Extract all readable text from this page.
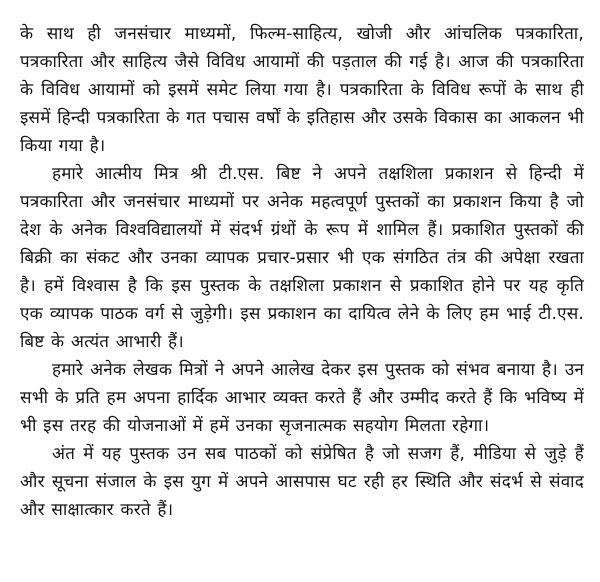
के साथ ही जनसंचार माध्यमों, फिल्म-साहित्य, खोजी और आंचलिक पत्रकारिता, पत्रकारिता और साहित्य जैसे विविध आयामों की पड़ताल की गई है। आज की पत्रकारिता के विविध आयामों को इसमें समेट लिया गया है। पत्रकारिता के विविध रूपों के साथ ही इसमें हिन्दी पत्रकारिता के गत पचास वर्षों के इतिहास और उसके विकास का आकलन भी किया गया है।

हमारे आत्मीय मित्र श्री टी.एस. बिष्ट ने अपने तक्षशिला प्रकाशन से हिन्दी में पत्रकारिता और जनसंचार माध्यमों पर अनेक महत्वपूर्ण पुस्तकों का प्रकाशन किया है जो देश के अनेक विश्वविद्यालयों में संदर्भ ग्रंथों के रूप में शामिल हैं। प्रकाशित पुस्तकों की बिक्री का संकट और उनका व्यापक प्रचार-प्रसार भी एक संगठित तंत्र की अपेक्षा रखता है। हमें विश्वास है कि इस पुस्तक के तक्षशिला प्रकाशन से प्रकाशित होने पर यह कृति एक व्यापक पाठक वर्ग से जुड़ेगी। इस प्रकाशन का दायित्व लेने के लिए हम भाई टी.एस. बिष्ट के अत्यंत आभारी हैं।

हमारे अनेक लेखक मित्रों ने अपने आलेख देकर इस पुस्तक को संभव बनाया है। उन सभी के प्रति हम अपना हार्दिक आभार व्यक्त करते हैं और उम्मीद करते हैं कि भविष्य में भी इस तरह की योजनाओं में हमें उनका सृजनात्मक सहयोग मिलता रहेगा।

अंत में यह पुस्तक उन सब पाठकों को संप्रेषित है जो सजग हैं, मीडिया से जुड़े हैं और सूचना संजाल के इस युग में अपने आसपास घट रही हर स्थिति और संदर्भ से संवाद और साक्षात्कार करते हैं।
